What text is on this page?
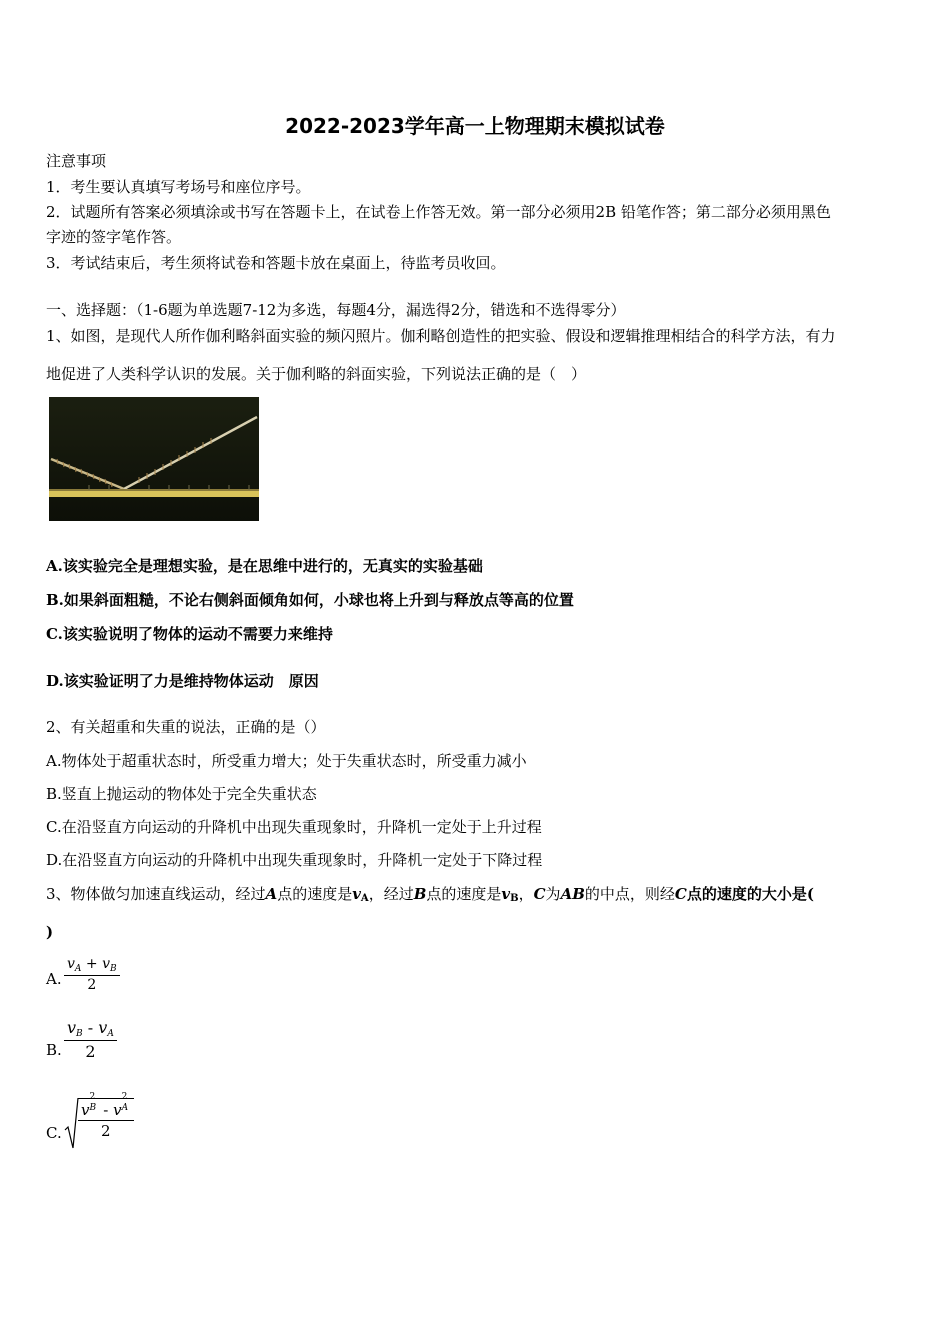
2022-2023学年高一上物理期末模拟试卷
注意事项
1．考生要认真填写考场号和座位序号。
2．试题所有答案必须填涂或书写在答题卡上，在试卷上作答无效。第一部分必须用2B 铅笔作答；第二部分必须用黑色
字迹的签字笔作答。
3．考试结束后，考生须将试卷和答题卡放在桌面上，待监考员收回。
一、选择题：（1-6题为单选题7-12为多选，每题4分，漏选得2分，错选和不选得零分）
1、如图，是现代人所作伽利略斜面实验的频闪照片。伽利略创造性的把实验、假设和逻辑推理相结合的科学方法，有力
地促进了人类科学认识的发展。关于伽利略的斜面实验，下列说法正确的是（　）
A.该实验完全是理想实验，是在思维中进行的，无真实的实验基础
B.如果斜面粗糙，不论右侧斜面倾角如何，小球也将上升到与释放点等高的位置
C.该实验说明了物体的运动不需要力来维持
D.该实验证明了力是维持物体运动　原因
2、有关超重和失重的说法，正确的是（）
A.物体处于超重状态时，所受重力增大；处于失重状态时，所受重力减小
B.竖直上抛运动的物体处于完全失重状态
C.在沿竖直方向运动的升降机中出现失重现象时，升降机一定处于上升过程
D.在沿竖直方向运动的升降机中出现失重现象时，升降机一定处于下降过程
3、物体做匀加速直线运动，经过A点的速度是vA，经过B点的速度是vB，C为AB的中点，则经C点的速度的大小是(
)
A. $\frac{v_A + v_B}{2}$
B. $\frac{v_B - v_A}{2}$
C. v
2
B - v
2
A

2
